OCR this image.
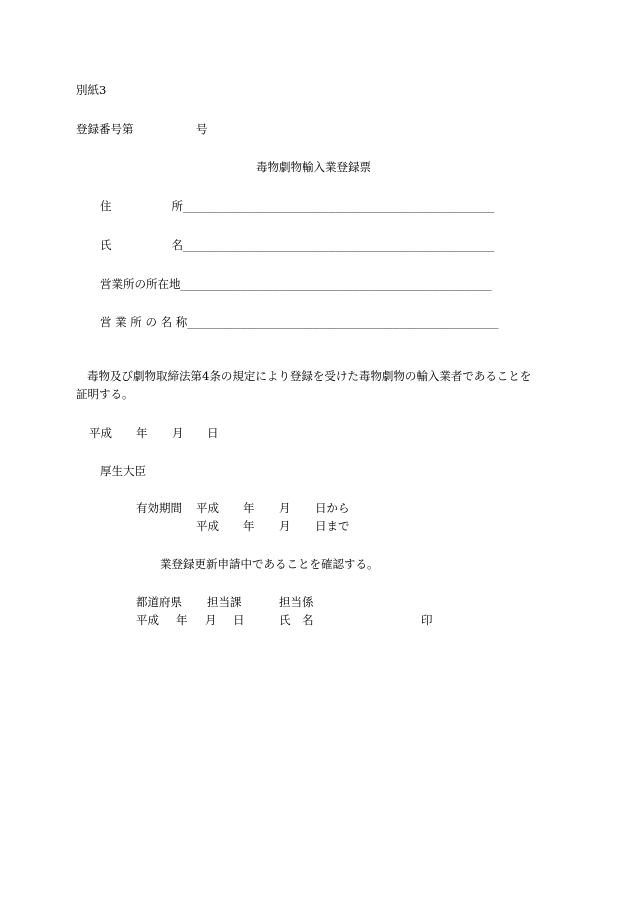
別紙3
登録番号第	号
毒物劇物輸入業登録票
住	所_______________________________________________
氏	名_______________________________________________
営業所の所在地_______________________________________________
営 業 所 の 名 称_______________________________________________
毒物及び劇物取締法第4条の規定により登録を受けた毒物劇物の輸入業者であることを
証明する。
平成 年 月 日
厚生大臣
有効期間 平成 年 月 日から
平成 年 月 日まで
業登録更新申請中であることを確認する。
都道府県 担当課	担当係
平成 年 月 日	氏　名	印
